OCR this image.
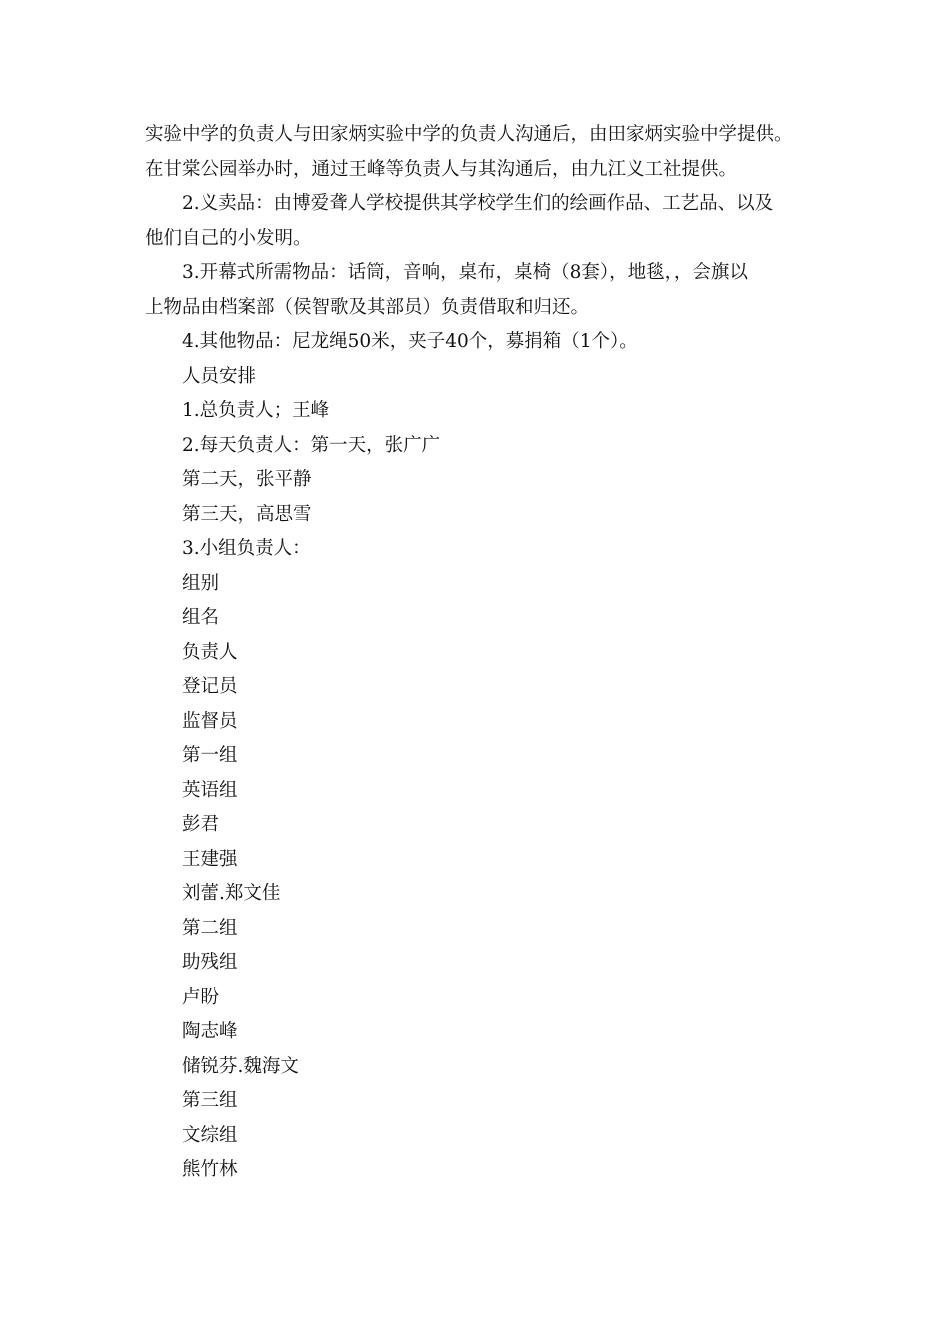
实验中学的负责人与田家炳实验中学的负责人沟通后，由田家炳实验中学提供。
在甘棠公园举办时，通过王峰等负责人与其沟通后，由九江义工社提供。
2.义卖品：由博爱聋人学校提供其学校学生们的绘画作品、工艺品、以及
他们自己的小发明。
3.开幕式所需物品：话筒，音响，桌布，桌椅（8套），地毯，，会旗以
上物品由档案部（侯智歌及其部员）负责借取和归还。
4.其他物品：尼龙绳50米，夹子40个，募捐箱（1个）。
人员安排
1.总负责人；王峰
2.每天负责人：第一天，张广广
第二天，张平静
第三天，高思雪
3.小组负责人：
组别
组名
负责人
登记员
监督员
第一组
英语组
彭君
王建强
刘蕾.郑文佳
第二组
助残组
卢盼
陶志峰
储锐芬.魏海文
第三组
文综组
熊竹林
